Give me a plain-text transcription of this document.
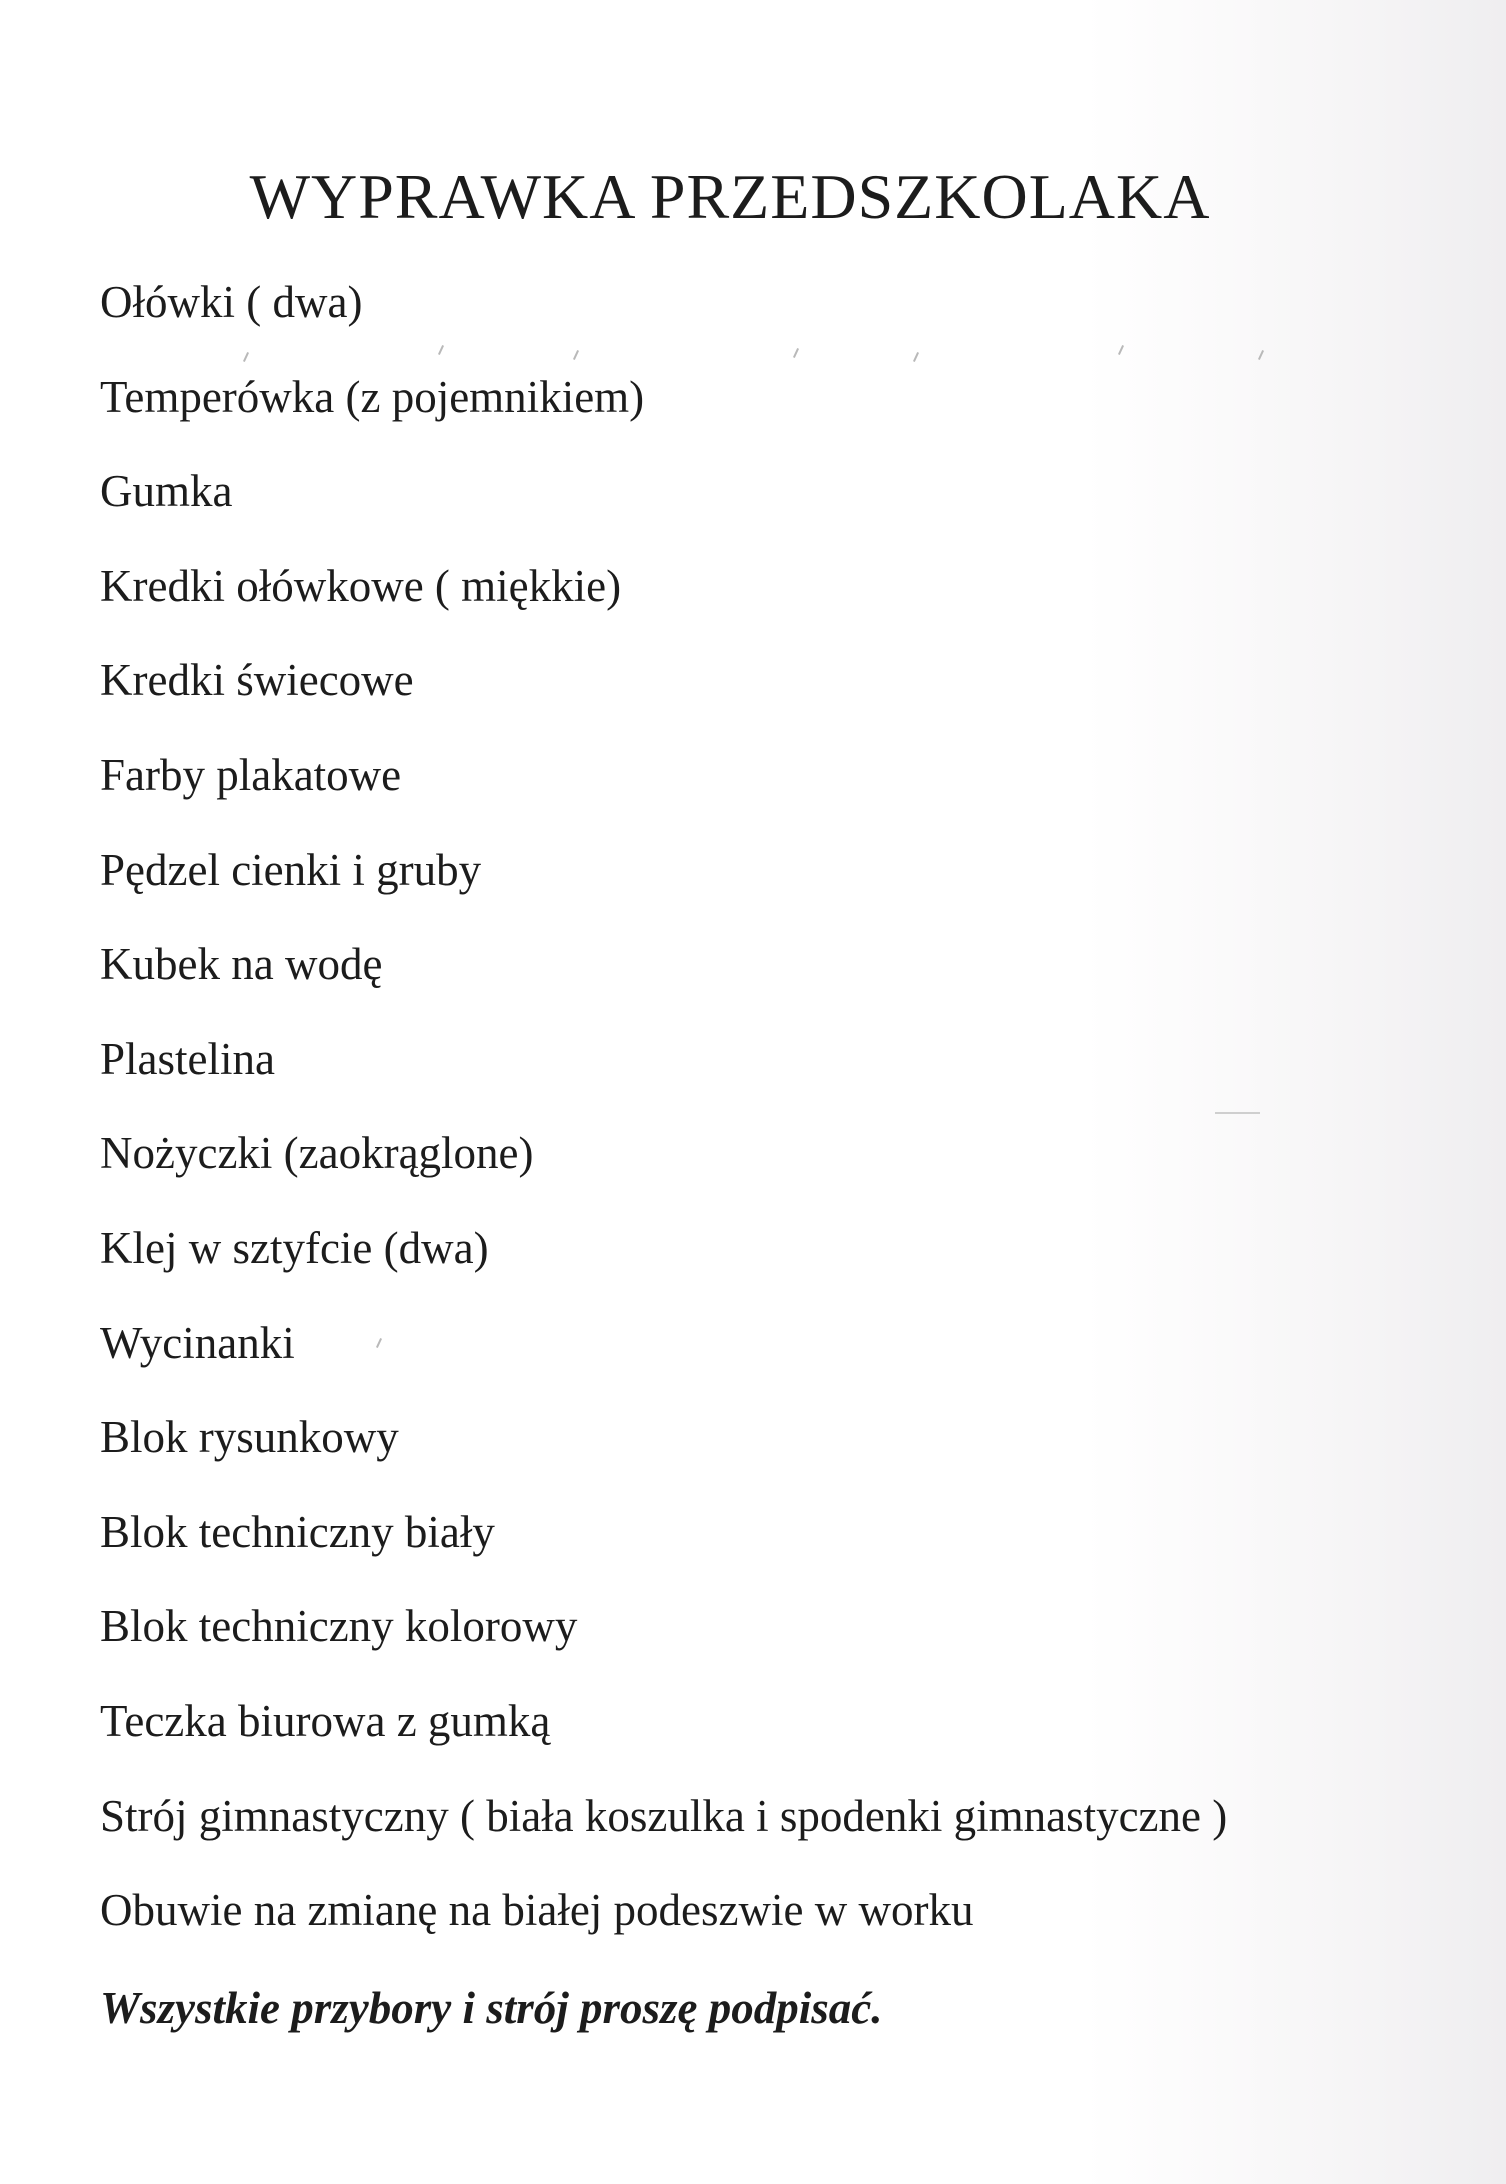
WYPRAWKA PRZEDSZKOLAKA
Ołówki ( dwa)
Temperówka (z pojemnikiem)
Gumka
Kredki ołówkowe ( miękkie)
Kredki świecowe
Farby plakatowe
Pędzel cienki i gruby
Kubek na wodę
Plastelina
Nożyczki (zaokrąglone)
Klej w sztyfcie (dwa)
Wycinanki
Blok rysunkowy
Blok techniczny biały
Blok techniczny kolorowy
Teczka biurowa z gumką
Strój gimnastyczny ( biała koszulka i spodenki gimnastyczne )
Obuwie na zmianę na białej podeszwie w worku

Wszystkie przybory i strój proszę podpisać.
